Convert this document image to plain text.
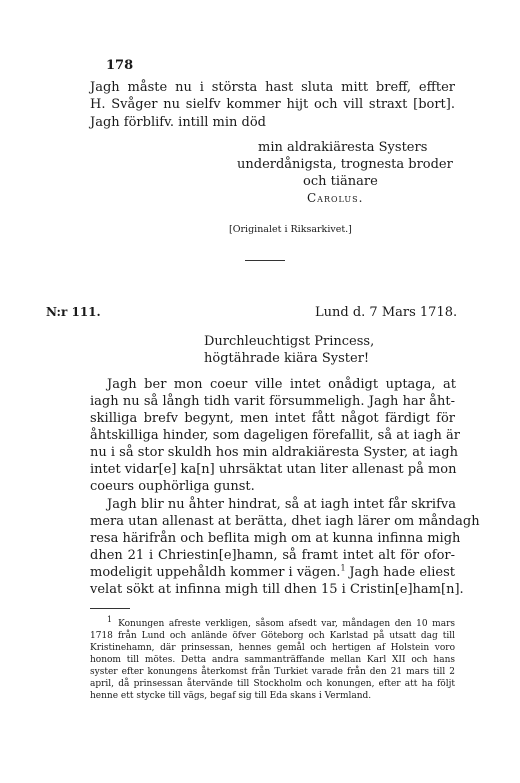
178
Jagh måste nu i största hast sluta mitt breff, effter
H. Svåger nu sielfv kommer hijt och vill straxt [bort].
Jagh förblifv. intill min död
min aldrakiäresta Systers
underdånigsta, trognesta broder
och tiänare
Carolus.
[Originalet i Riksarkivet.]
N:r 111.	Lund d. 7 Mars 1718.
Durchleuchtigst Princess,
högtährade kiära Syster!
Jagh ber mon coeur ville intet onådigt uptaga, at
iagh nu så långh tidh varit försummeligh. Jagh har åht-
skilliga brefv begynt, men intet fått något färdigt för
åhtskilliga hinder, som dageligen förefallit, så at iagh är
nu i så stor skuldh hos min aldrakiäresta Syster, at iagh
intet vidar[e] ka[n] uhrsäktat utan liter allenast på mon
coeurs ouphörliga gunst.
Jagh blir nu åhter hindrat, så at iagh intet får skrifva
mera utan allenast at berätta, dhet iagh lärer om måndagh
resa härifrån och beflita migh om at kunna infinna migh
dhen 21 i Chriestin[e]hamn, så framt intet alt för ofor-
modeligit uppehåldh kommer i vägen.$^1$ Jagh hade eliest
velat sökt at infinna migh till dhen 15 i Cristin[e]ham[n].
$^1$ Konungen afreste verkligen, såsom afsedt var, måndagen den 10 mars
1718 från Lund och anlände öfver Göteborg och Karlstad på utsatt dag till
Kristinehamn, där prinsessan, hennes gemål och hertigen af Holstein voro
honom till mötes. Detta andra sammanträffande mellan Karl XII och hans
syster efter konungens återkomst från Turkiet varade från den 21 mars till 2
april, då prinsessan återvände till Stockholm och konungen, efter att ha följt
henne ett stycke till vägs, begaf sig till Eda skans i Vermland.
